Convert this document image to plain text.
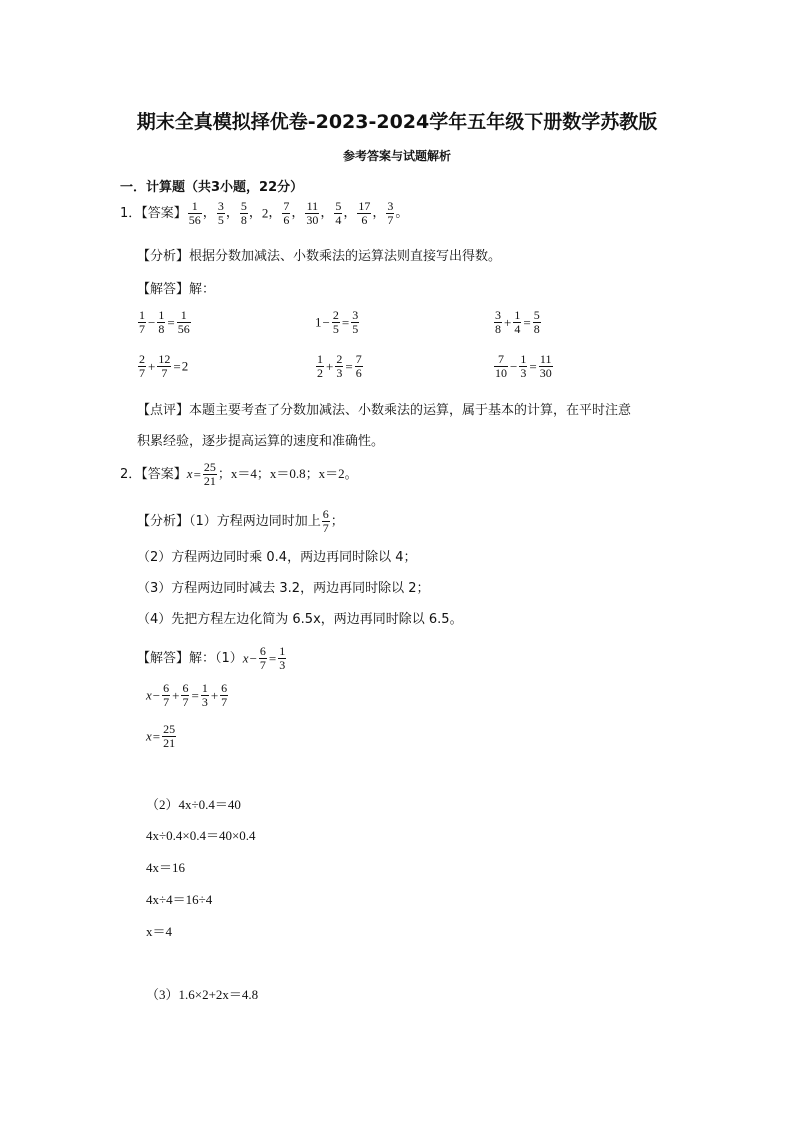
期末全真模拟择优卷-2023-2024学年五年级下册数学苏教版
参考答案与试题解析
一．计算题（共3小题，22分）
1．【答案】 $\frac{1}{56}$ ， $\frac{3}{5}$ ， $\frac{5}{8}$ ，2， $\frac{7}{6}$ ， $\frac{11}{30}$ ， $\frac{5}{4}$ ， $\frac{17}{6}$ ， $\frac{3}{7}$ 。
【分析】根据分数加减法、小数乘法的运算法则直接写出得数。
【解答】解：
$\frac{1}{7} - \frac{1}{8} = \frac{1}{56}$	$1- \frac{2}{5} = \frac{3}{5}$	$\frac{3}{8} + \frac{1}{4} = \frac{5}{8}$
$\frac{2}{7} + \frac{12}{7} =2$	$\frac{1}{2} + \frac{2}{3} = \frac{7}{6}$	$\frac{7}{10} - \frac{1}{3} = \frac{11}{30}$
【点评】本题主要考查了分数加减法、小数乘法的运算，属于基本的计算，在平时注意
积累经验，逐步提高运算的速度和准确性。
2．【答案】$x= \frac{25}{21}$ ；x＝4；x＝0.8；x＝2。
【分析】（1）方程两边同时加上 $\frac{6}{7}$ ；
（2）方程两边同时乘 0.4，两边再同时除以 4；
（3）方程两边同时减去 3.2，两边再同时除以 2；
（4）先把方程左边化简为 6.5x，两边再同时除以 6.5。
【解答】解：$(1)x- \frac{6}{7} = \frac{1}{3}$
$x- \frac{6}{7} + \frac{6}{7} = \frac{1}{3} + \frac{6}{7}$
$x= \frac{25}{21}$
（2）4x÷0.4＝40
4x÷0.4×0.4＝40×0.4
4x＝16
4x÷4＝16÷4
x＝4
（3）1.6×2+2x＝4.8
